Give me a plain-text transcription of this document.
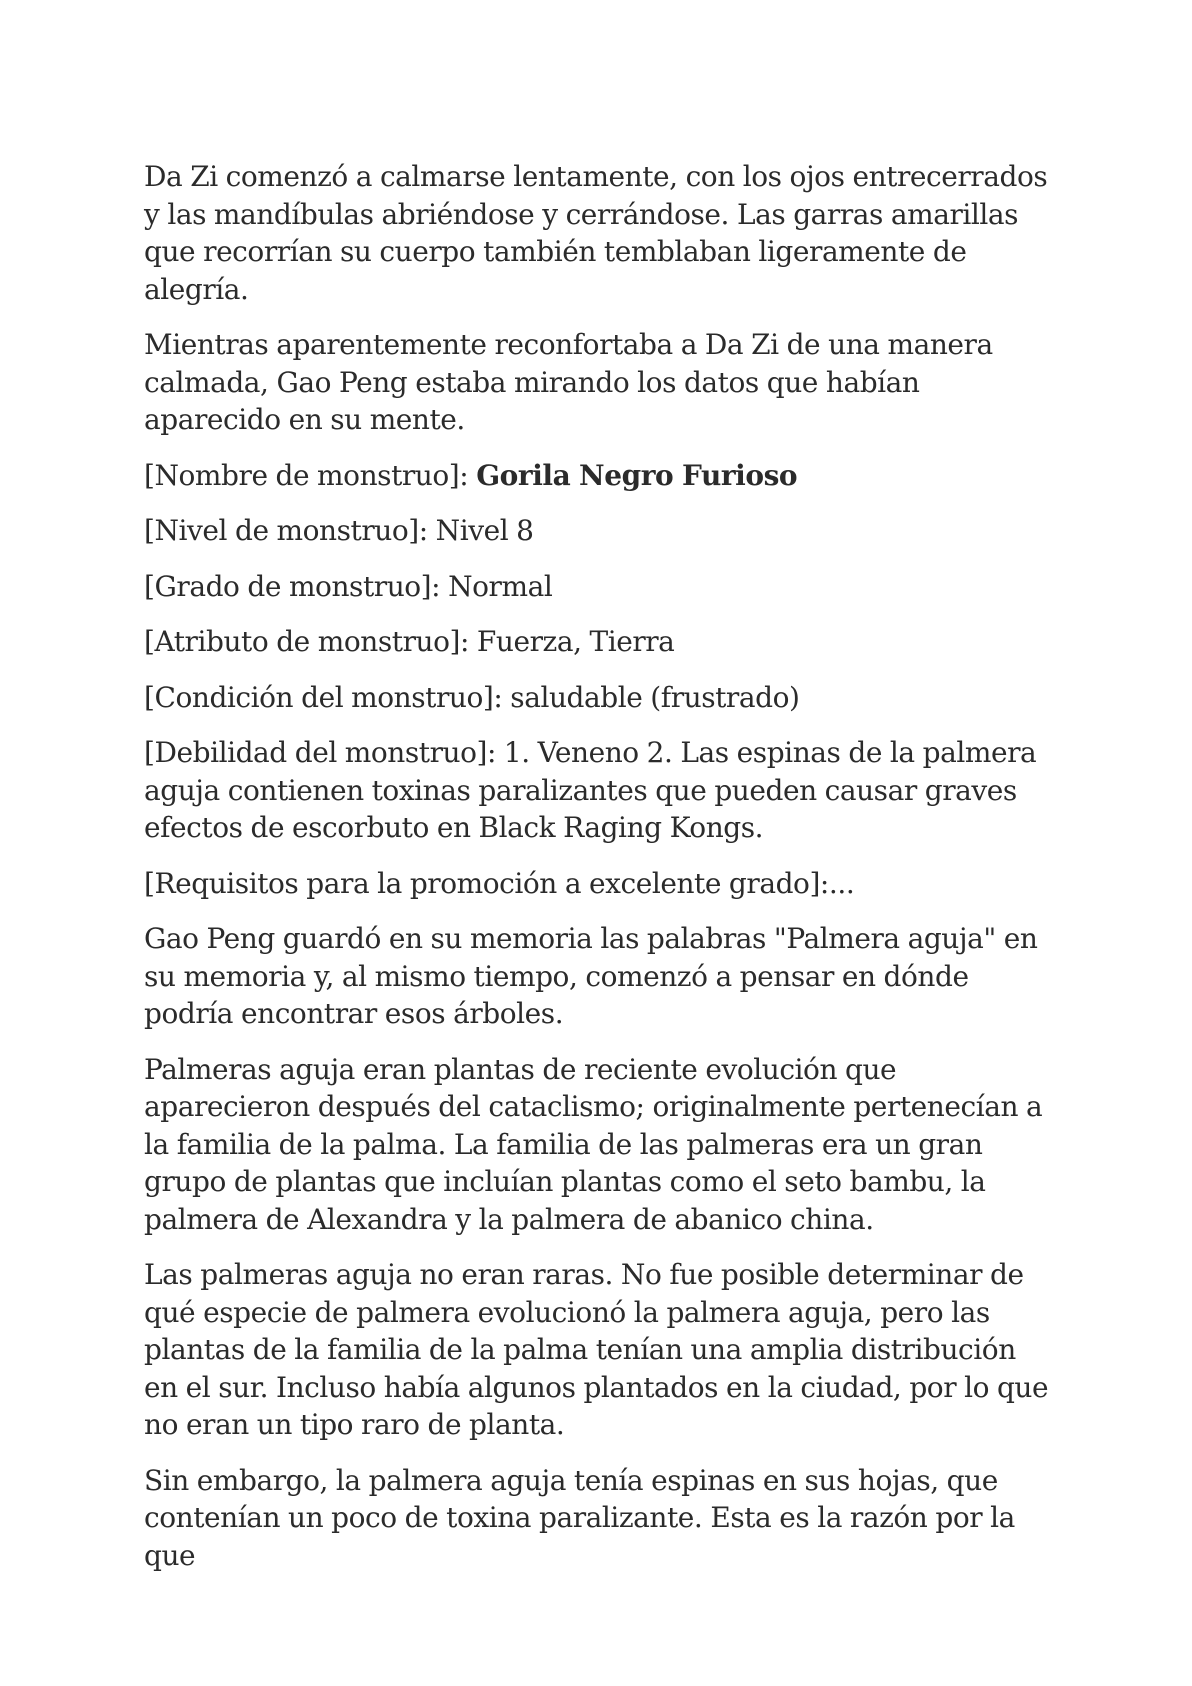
Da Zi comenzó a calmarse lentamente, con los ojos entrecerrados y las mandíbulas abriéndose y cerrándose. Las garras amarillas que recorrían su cuerpo también temblaban ligeramente de alegría.

Mientras aparentemente reconfortaba a Da Zi de una manera calmada, Gao Peng estaba mirando los datos que habían aparecido en su mente.

[Nombre de monstruo]: Gorila Negro Furioso

[Nivel de monstruo]: Nivel 8

[Grado de monstruo]: Normal

[Atributo de monstruo]: Fuerza, Tierra

[Condición del monstruo]: saludable (frustrado)

[Debilidad del monstruo]: 1. Veneno 2. Las espinas de la palmera aguja contienen toxinas paralizantes que pueden causar graves efectos de escorbuto en Black Raging Kongs.

[Requisitos para la promoción a excelente grado]:...

Gao Peng guardó en su memoria las palabras "Palmera aguja" en su memoria y, al mismo tiempo, comenzó a pensar en dónde podría encontrar esos árboles.

Palmeras aguja eran plantas de reciente evolución que aparecieron después del cataclismo; originalmente pertenecían a la familia de la palma. La familia de las palmeras era un gran grupo de plantas que incluían plantas como el seto bambu, la palmera de Alexandra y la palmera de abanico china.

Las palmeras aguja no eran raras. No fue posible determinar de qué especie de palmera evolucionó la palmera aguja, pero las plantas de la familia de la palma tenían una amplia distribución en el sur. Incluso había algunos plantados en la ciudad, por lo que no eran un tipo raro de planta.

Sin embargo, la palmera aguja tenía espinas en sus hojas, que contenían un poco de toxina paralizante. Esta es la razón por la que
